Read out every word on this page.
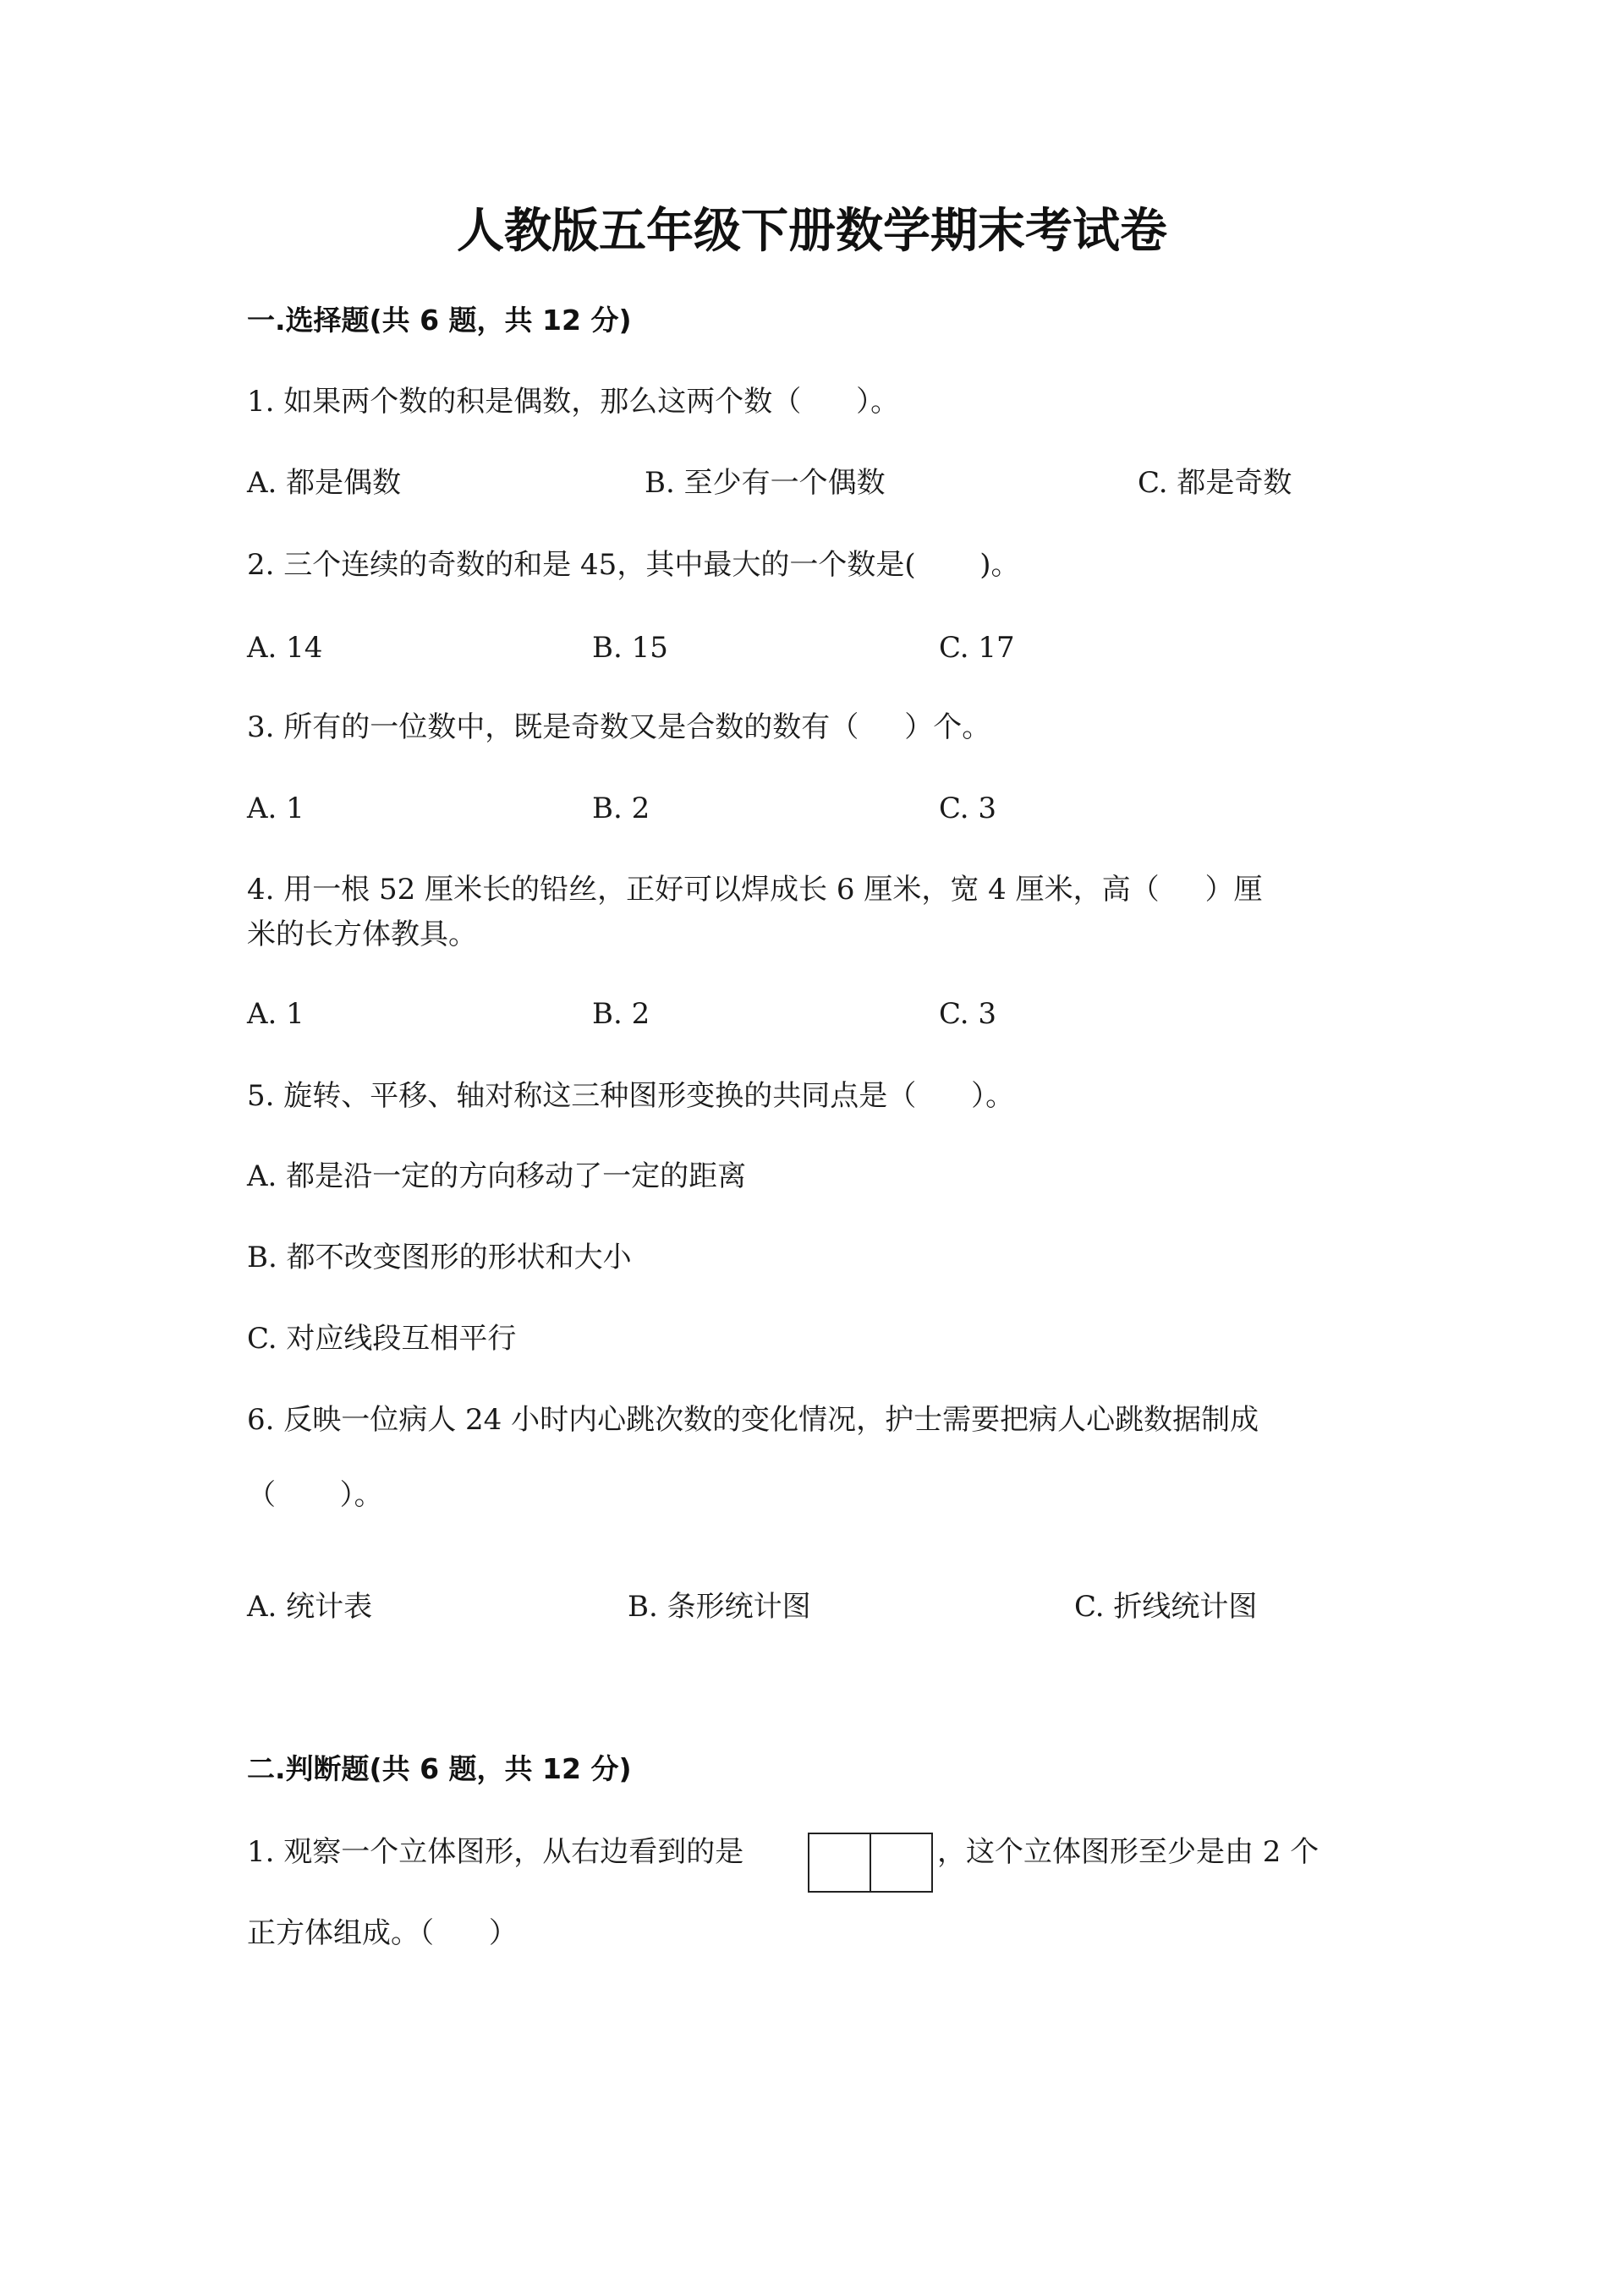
人教版五年级下册数学期末考试卷
一.选择题(共 6 题，共 12 分)
1. 如果两个数的积是偶数，那么这两个数（      ）。
A. 都是偶数	B. 至少有一个偶数	C. 都是奇数
2. 三个连续的奇数的和是 45，其中最大的一个数是(       )。
A. 14	B. 15	C. 17
3. 所有的一位数中，既是奇数又是合数的数有（     ）个。
A. 1	B. 2	C. 3
4. 用一根 52 厘米长的铅丝，正好可以焊成长 6 厘米，宽 4 厘米，高（     ）厘
米的长方体教具。
A. 1	B. 2	C. 3
5. 旋转、平移、轴对称这三种图形变换的共同点是（      ）。
A. 都是沿一定的方向移动了一定的距离
B. 都不改变图形的形状和大小
C. 对应线段互相平行
6. 反映一位病人 24 小时内心跳次数的变化情况，护士需要把病人心跳数据制成
（       ）。
A. 统计表	B. 条形统计图	C. 折线统计图
二.判断题(共 6 题，共 12 分)
1. 观察一个立体图形，从右边看到的是	，这个立体图形至少是由 2 个
正方体组成。（      ）
